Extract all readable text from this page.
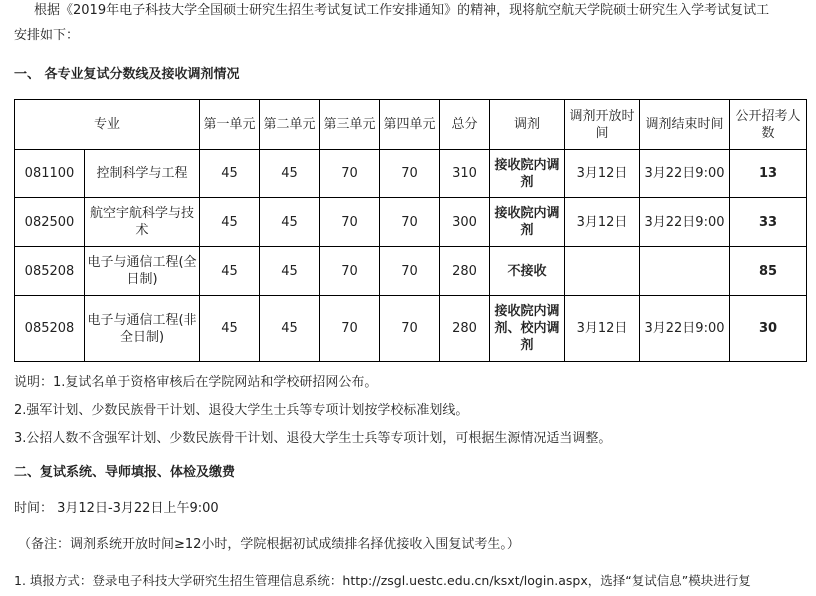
根据《2019年电子科技大学全国硕士研究生招生考试复试工作安排通知》的精神，现将航空航天学院硕士研究生入学考试复试工
安排如下：
一、 各专业复试分数线及接收调剂情况
专业		第一单元	第二单元	第三单元	第四单元	总分	调剂	调剂开放时间	调剂结束时间	公开招考人数
081100	控制科学与工程	45	45	70	70	310	接收院内调剂	3月12日	3月22日9:00	13
082500	航空宇航科学与技术	45	45	70	70	300	接收院内调剂	3月12日	3月22日9:00	33
085208	电子与通信工程(全日制)	45	45	70	70	280	不接收			85
085208	电子与通信工程(非全日制)	45	45	70	70	280	接收院内调剂、校内调剂	3月12日	3月22日9:00	30
说明：1.复试名单于资格审核后在学院网站和学校研招网公布。
2.强军计划、少数民族骨干计划、退役大学生士兵等专项计划按学校标准划线。
3.公招人数不含强军计划、少数民族骨干计划、退役大学生士兵等专项计划，可根据生源情况适当调整。
二、复试系统、导师填报、体检及缴费
时间： 3月12日-3月22日上午9:00
（备注：调剂系统开放时间≥12小时，学院根据初试成绩排名择优接收入围复试考生。）
1. 填报方式：登录电子科技大学研究生招生管理信息系统：http://zsgl.uestc.edu.cn/ksxt/login.aspx，选择“复试信息”模块进行复
